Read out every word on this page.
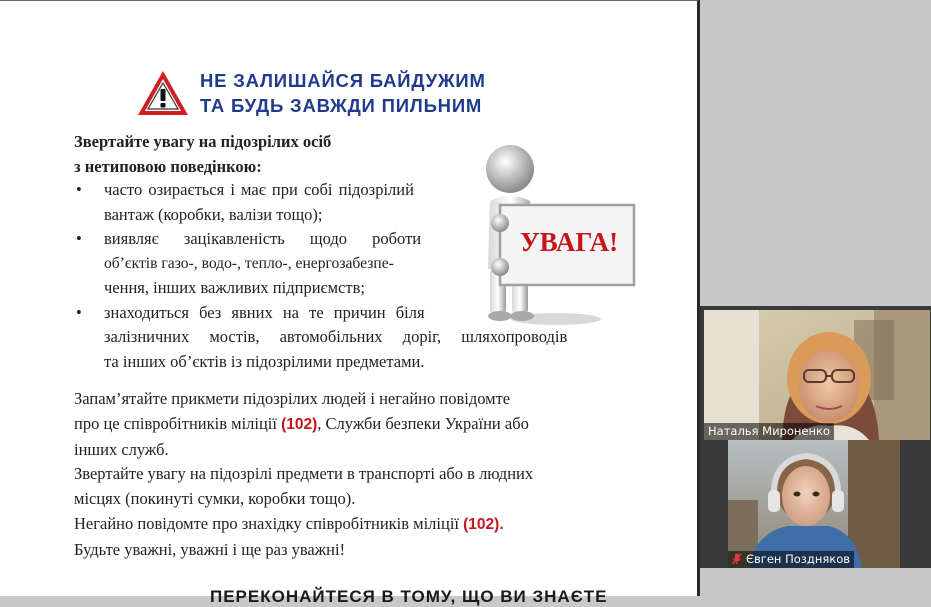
НЕ ЗАЛИШАЙСЯ БАЙДУЖИМ
ТА БУДЬ ЗАВЖДИ ПИЛЬНИМ
Звертайте увагу на підозрілих осіб
з нетиповою поведінкою:
• часто озирається і має при собі підозрілий
вантаж (коробки, валізи тощо);
• виявляє зацікавленість щодо роботи
об’єктів газо-, водо-, тепло-, енергозабезпе-
чення, інших важливих підприємств;
• знаходиться без явних на те причин біля
залізничних мостів, автомобільних доріг, шляхопроводів
та інших об’єктів із підозрілими предметами.
УВАГА!
Запам’ятайте прикмети підозрілих людей і негайно повідомте
про це співробітників міліції (102), Служби безпеки України або
інших служб.
Звертайте увагу на підозрілі предмети в транспорті або в людних
місцях (покинуті сумки, коробки тощо).
Негайно повідомте про знахідку співробітників міліції (102).
Будьте уважні, уважні і ще раз уважні!
ПЕРЕКОНАЙТЕСЯ В ТОМУ, ЩО ВИ ЗНАЄТЕ
Наталья Мироненко
Євген Поздняков
